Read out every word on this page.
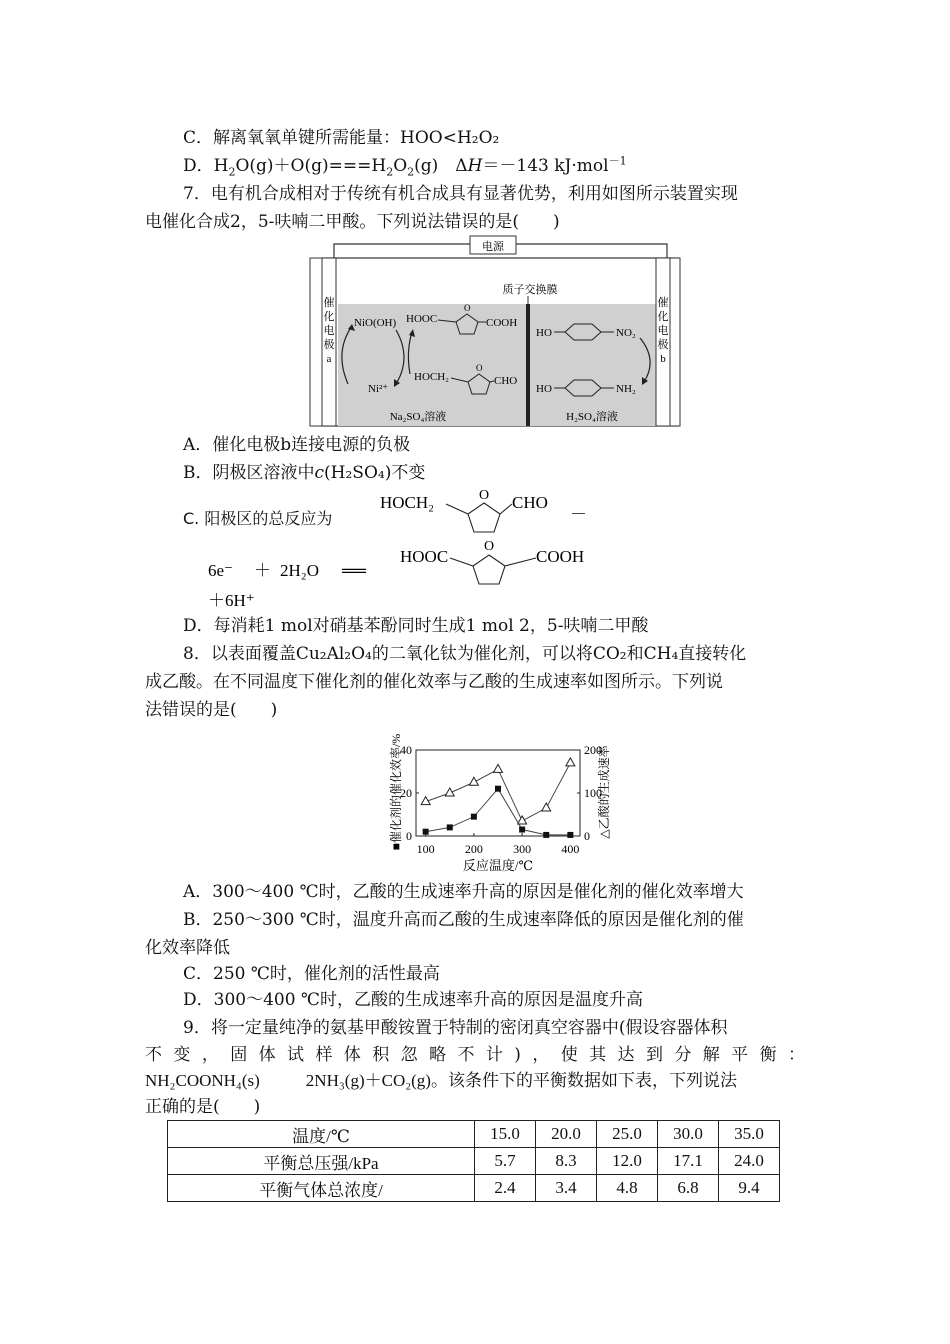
C．解离氧氧单键所需能量：HOO<H₂O₂
D．$H_2O(g)+O(g)===H_2O_2(g)$　ΔH＝－143 kJ·mol$^{-1}$
7．电有机合成相对于传统有机合成具有显著优势，利用如图所示装置实现
电催化合成2，5-呋喃二甲酸。下列说法错误的是(　　)
电源
质子交换膜
催
化
电
极
a
催
化
电
极
b
NiO(OH)
Ni²⁺
HOOC	COOH
HOCH₂	CHO
O
O
HO	NO₂
HO	NH₂
Na₂SO₄溶液	H₂SO₄溶液
A．催化电极b连接电源的负极
B．阴极区溶液中c(H₂SO₄)不变
C. 阳极区的总反应为
HOCH₂	CHO
O
－
6e⁻ ＋ 2H₂O ══
HOOC	COOH
O
＋6H⁺
D．每消耗1 mol对硝基苯酚同时生成1 mol 2，5-呋喃二甲酸
8．以表面覆盖Cu₂Al₂O₄的二氧化钛为催化剂，可以将CO₂和CH₄直接转化
成乙酸。在不同温度下催化剂的催化效率与乙酸的生成速率如图所示。下列说
法错误的是(　　)
■催化剂的催化效率/%	△乙酸的生成速率
反应温度/℃
100	200	300	400
0
20
40
0
100
200
A．300～400 ℃时，乙酸的生成速率升高的原因是催化剂的催化效率增大
B．250～300 ℃时，温度升高而乙酸的生成速率降低的原因是催化剂的催
化效率降低
C．250 ℃时，催化剂的活性最高
D．300～400 ℃时，乙酸的生成速率升高的原因是温度升高
9．将一定量纯净的氨基甲酸铵置于特制的密闭真空容器中(假设容器体积
不 变 ， 固 体 试 样 体 积 忽 略 不 计 ) ， 使 其 达 到 分 解 平 衡 ：
NH₂COONH₄(s)	2NH₃(g)＋CO₂(g)。该条件下的平衡数据如下表，下列说法
正确的是(　　)
温度/℃	15.0	20.0	25.0	30.0	35.0
平衡总压强/kPa	5.7	8.3	12.0	17.1	24.0
平衡气体总浓度/	2.4	3.4	4.8	6.8	9.4
